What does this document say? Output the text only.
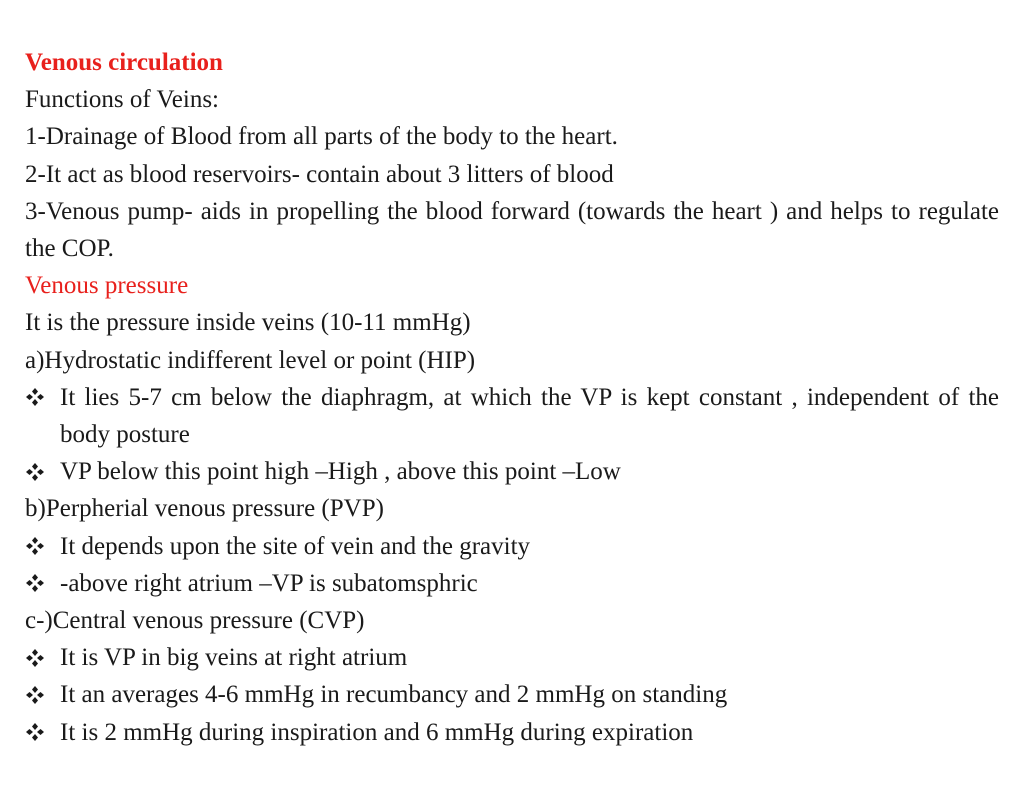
Venous circulation
Functions of Veins:
1-Drainage of Blood from all parts of the body to the heart.
2-It act as blood reservoirs- contain about 3 litters of blood
3-Venous pump- aids in propelling the blood forward (towards the heart ) and helps to regulate the COP.
Venous pressure
It is the pressure inside veins (10-11 mmHg)
a)Hydrostatic indifferent level or point (HIP)
It lies 5-7 cm below the diaphragm, at which the VP is kept constant , independent of the body posture
VP below this point high –High , above this point –Low
b)Perpherial venous pressure (PVP)
It depends upon the site of vein and the gravity
-above right atrium –VP is subatomsphric
c-)Central venous pressure (CVP)
It is VP in big veins at right atrium
It an averages 4-6 mmHg in recumbancy and 2 mmHg on standing
It is 2 mmHg during inspiration and 6 mmHg during expiration
